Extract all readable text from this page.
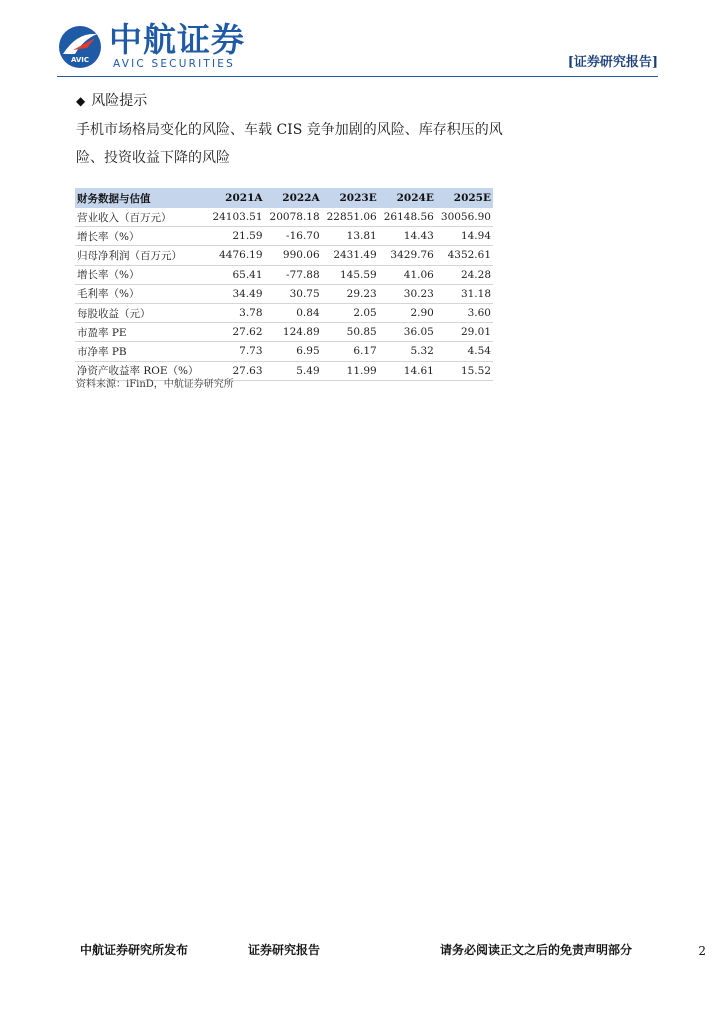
AVIC
中航证券
AVIC SECURITIES	[证券研究报告]
◆ 风险提示
手机市场格局变化的风险、车载 CIS 竞争加剧的风险、库存积压的风险、投资收益下降的风险
财务数据与估值	2021A	2022A	2023E	2024E	2025E
营业收入（百万元）	24103.51	20078.18	22851.06	26148.56	30056.90
增长率（%）	21.59	-16.70	13.81	14.43	14.94
归母净利润（百万元）	4476.19	990.06	2431.49	3429.76	4352.61
增长率（%）	65.41	-77.88	145.59	41.06	24.28
毛利率（%）	34.49	30.75	29.23	30.23	31.18
每股收益（元）	3.78	0.84	2.05	2.90	3.60
市盈率 PE	27.62	124.89	50.85	36.05	29.01
市净率 PB	7.73	6.95	6.17	5.32	4.54
净资产收益率 ROE（%）	27.63	5.49	11.99	14.61	15.52
资料来源：iFinD，中航证券研究所
中航证券研究所发布	证券研究报告	请务必阅读正文之后的免责声明部分	2
